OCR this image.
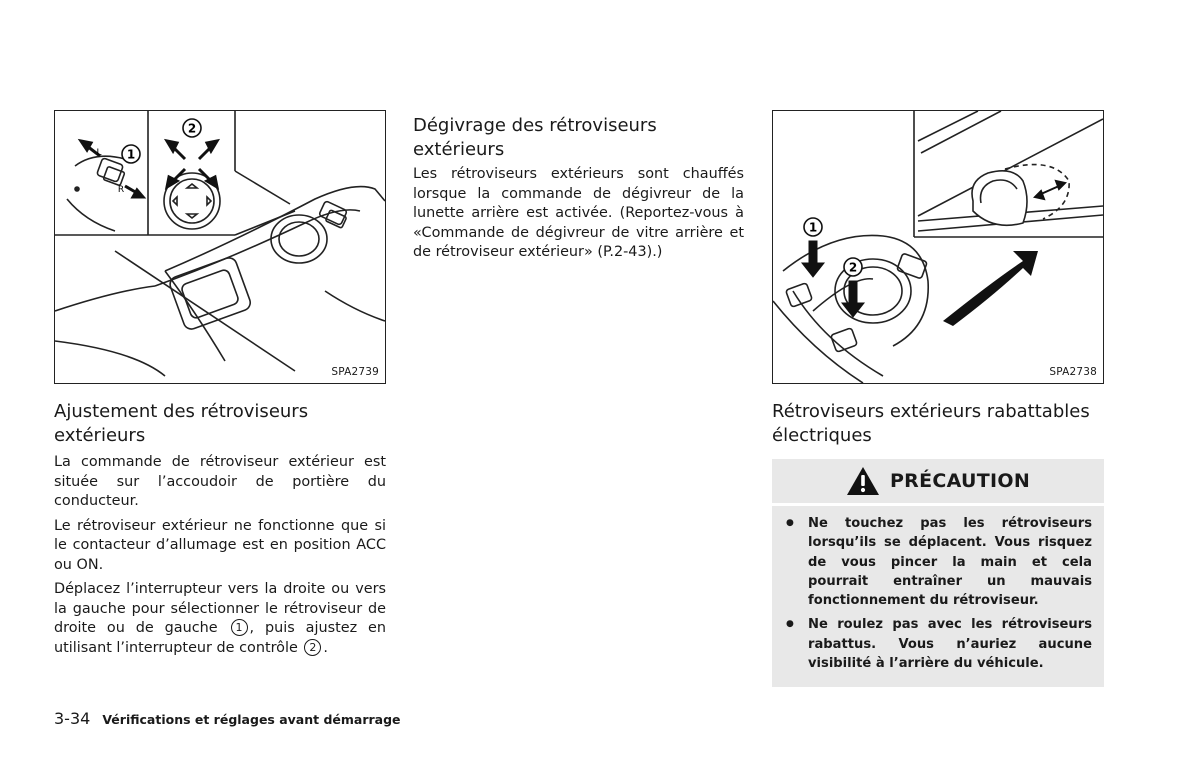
1
2
L
R
SPA2739
Ajustement des rétroviseurs extérieurs

La commande de rétroviseur extérieur est située sur l’accoudoir de portière du conducteur.

Le rétroviseur extérieur ne fonctionne que si le contacteur d’allumage est en position ACC ou ON.

Déplacez l’interrupteur vers la droite ou vers la gauche pour sélectionner le rétroviseur de droite ou de gauche 1 , puis ajustez en utilisant l’interrupteur de contrôle 2 .

Dégivrage des rétroviseurs extérieurs

Les rétroviseurs extérieurs sont chauffés lorsque la commande de dégivreur de la lunette arrière est activée. (Reportez-vous à «Commande de dégivreur de vitre arrière et de rétroviseur extérieur» (P.2-43).)

1
2
SPA2738
Rétroviseurs extérieurs rabattables électriques
PRÉCAUTION
● Ne touchez pas les rétroviseurs lorsqu’ils se déplacent. Vous risquez de vous pincer la main et cela pourrait entraîner un mauvais fonctionnement du rétroviseur.
● Ne roulez pas avec les rétroviseurs rabattus. Vous n’auriez aucune visibilité à l’arrière du véhicule.
3-34 Vérifications et réglages avant démarrage
